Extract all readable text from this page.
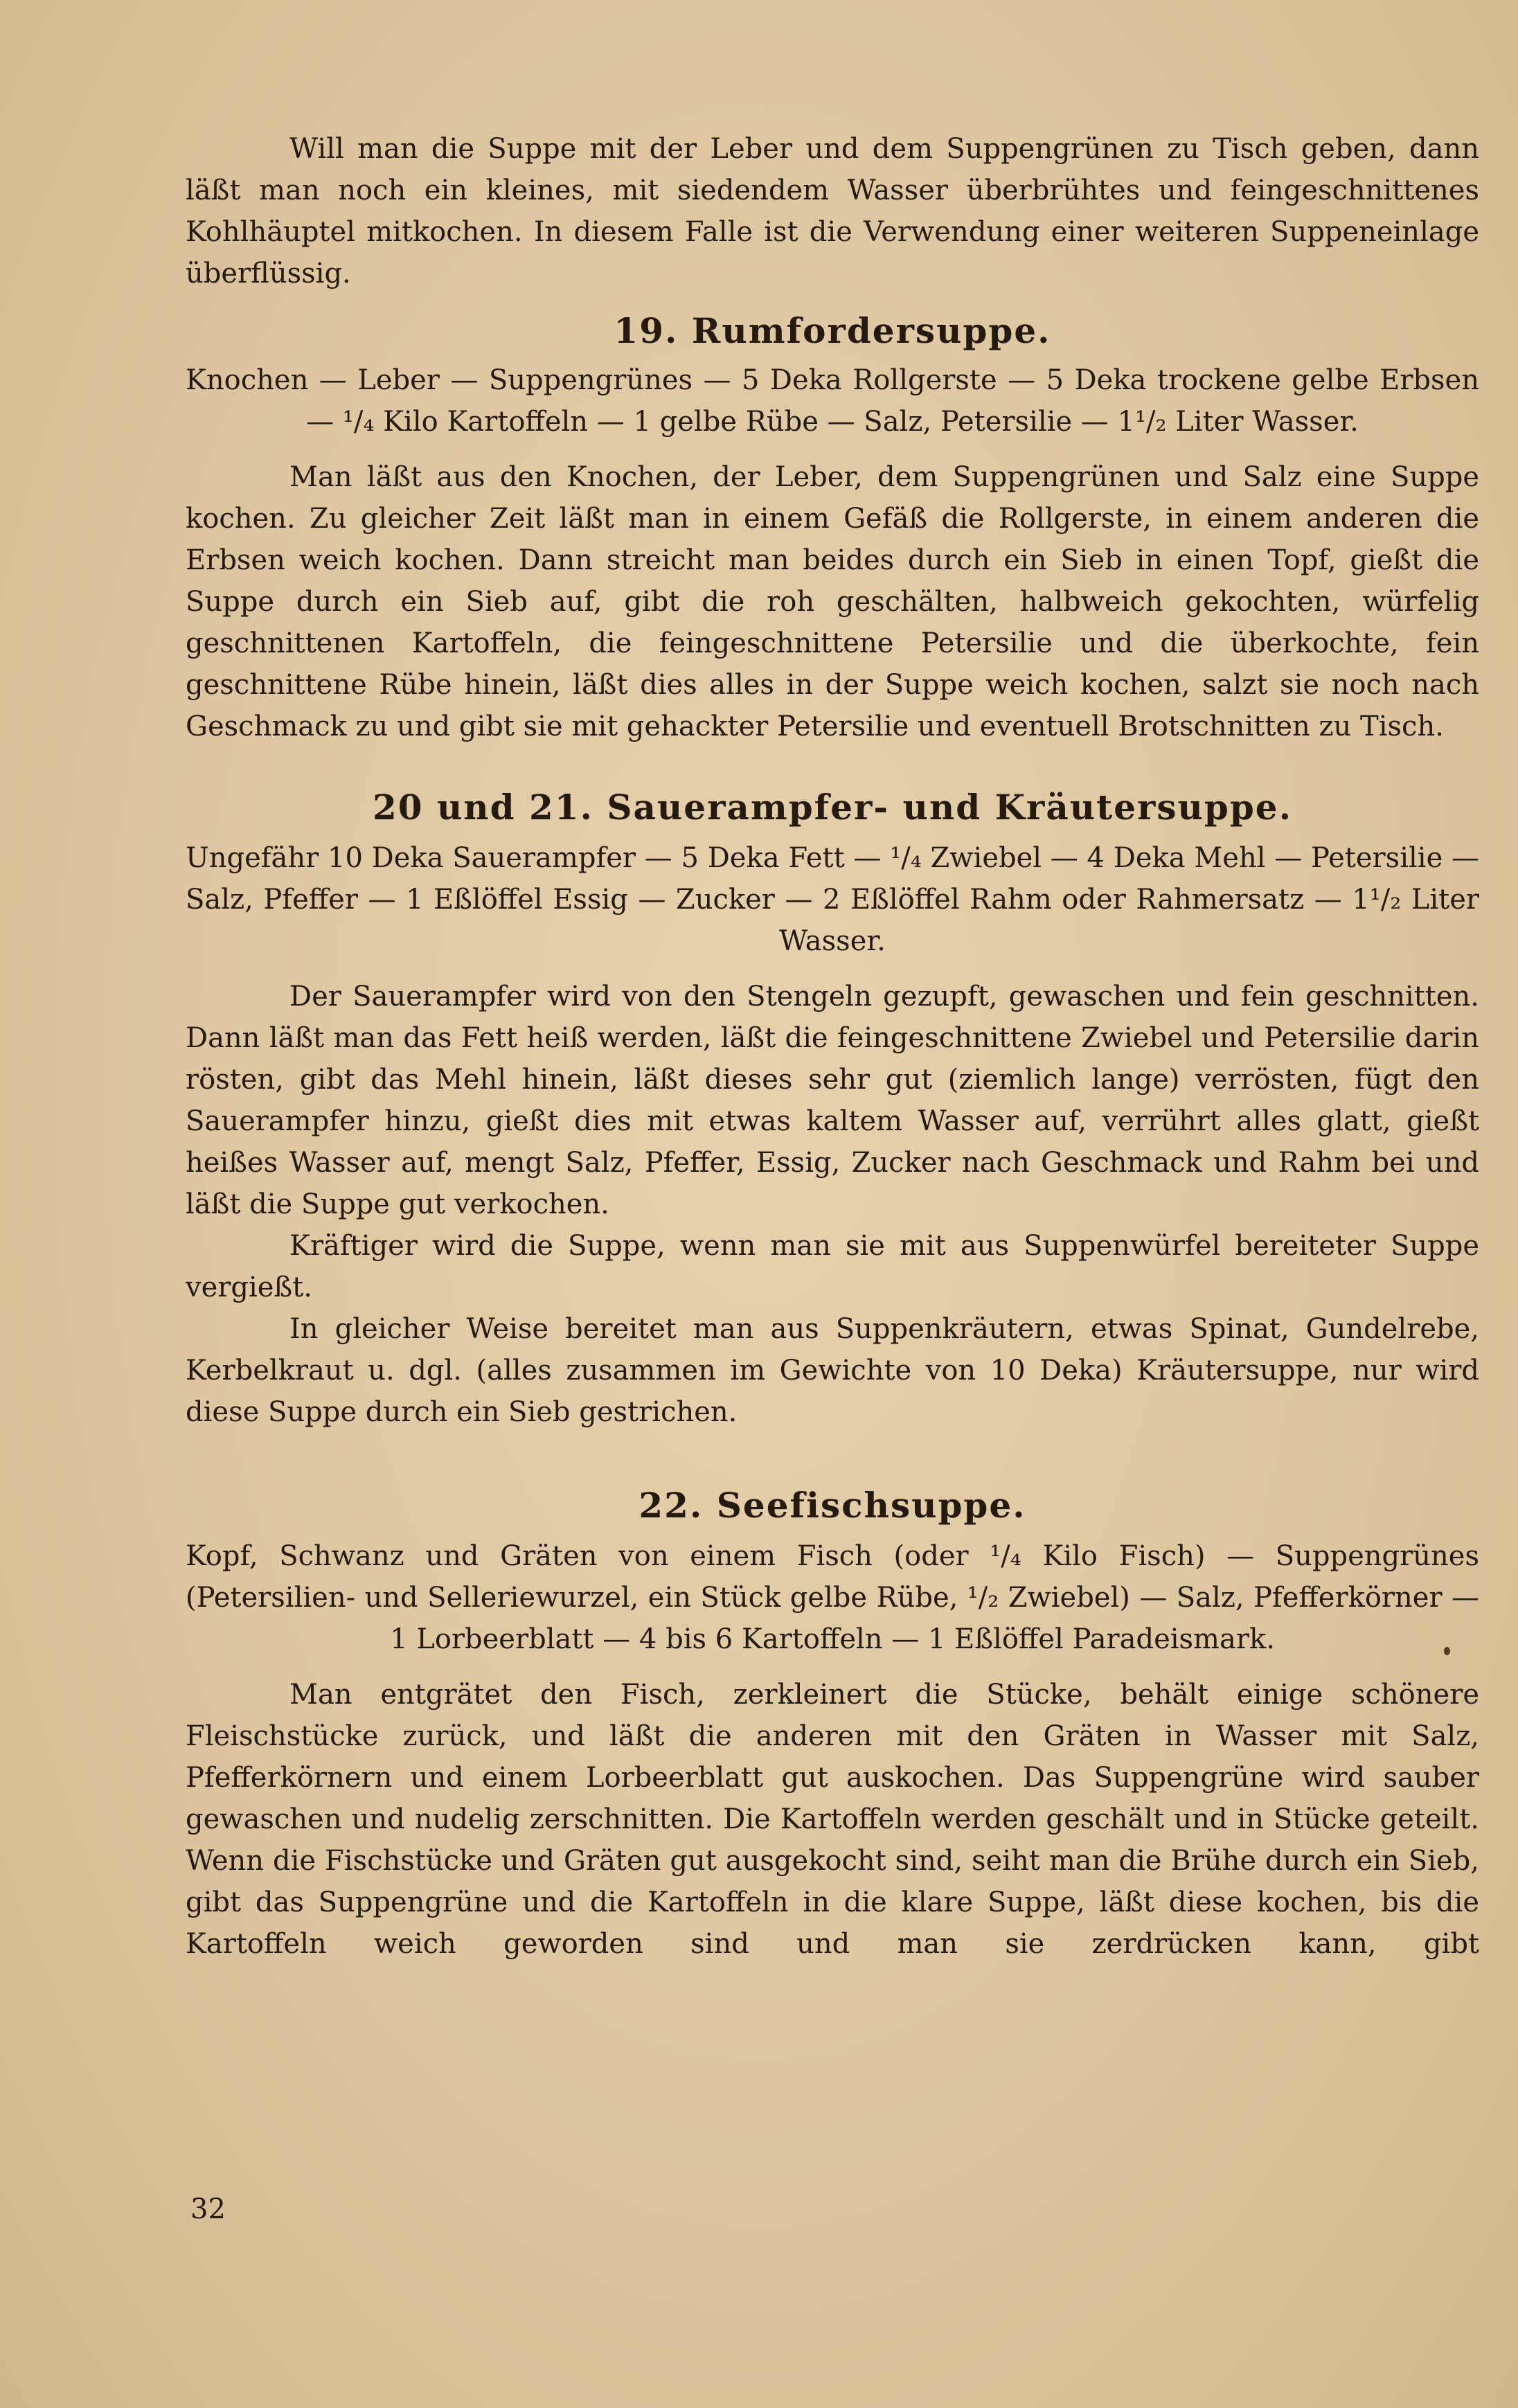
Will man die Suppe mit der Leber und dem Suppengrünen zu Tisch geben, dann läßt man noch ein kleines, mit siedendem Wasser überbrühtes und feingeschnittenes Kohlhäuptel mitkochen. In diesem Falle ist die Verwendung einer weiteren Suppeneinlage überflüssig.

19. Rumfordersuppe.

Knochen — Leber — Suppengrünes — 5 Deka Rollgerste — 5 Deka trockene gelbe Erbsen — ¹/₄ Kilo Kartoffeln — 1 gelbe Rübe — Salz, Petersilie — 1¹/₂ Liter Wasser.

Man läßt aus den Knochen, der Leber, dem Suppengrünen und Salz eine Suppe kochen. Zu gleicher Zeit läßt man in einem Gefäß die Rollgerste, in einem anderen die Erbsen weich kochen. Dann streicht man beides durch ein Sieb in einen Topf, gießt die Suppe durch ein Sieb auf, gibt die roh geschälten, halbweich gekochten, würfelig geschnittenen Kartoffeln, die feingeschnittene Petersilie und die überkochte, fein geschnittene Rübe hinein, läßt dies alles in der Suppe weich kochen, salzt sie noch nach Geschmack zu und gibt sie mit gehackter Petersilie und eventuell Brotschnitten zu Tisch.

20 und 21. Sauerampfer- und Kräutersuppe.

Ungefähr 10 Deka Sauerampfer — 5 Deka Fett — ¹/₄ Zwiebel — 4 Deka Mehl — Petersilie — Salz, Pfeffer — 1 Eßlöffel Essig — Zucker — 2 Eßlöffel Rahm oder Rahmersatz — 1¹/₂ Liter Wasser.

Der Sauerampfer wird von den Stengeln gezupft, gewaschen und fein geschnitten. Dann läßt man das Fett heiß werden, läßt die feingeschnittene Zwiebel und Petersilie darin rösten, gibt das Mehl hinein, läßt dieses sehr gut (ziemlich lange) verrösten, fügt den Sauerampfer hinzu, gießt dies mit etwas kaltem Wasser auf, verrührt alles glatt, gießt heißes Wasser auf, mengt Salz, Pfeffer, Essig, Zucker nach Geschmack und Rahm bei und läßt die Suppe gut verkochen.

Kräftiger wird die Suppe, wenn man sie mit aus Suppenwürfel bereiteter Suppe vergießt.

In gleicher Weise bereitet man aus Suppenkräutern, etwas Spinat, Gundelrebe, Kerbelkraut u. dgl. (alles zusammen im Gewichte von 10 Deka) Kräutersuppe, nur wird diese Suppe durch ein Sieb gestrichen.

22. Seefischsuppe.

Kopf, Schwanz und Gräten von einem Fisch (oder ¹/₄ Kilo Fisch) — Suppengrünes (Petersilien- und Selleriewurzel, ein Stück gelbe Rübe, ¹/₂ Zwiebel) — Salz, Pfefferkörner — 1 Lorbeerblatt — 4 bis 6 Kartoffeln — 1 Eßlöffel Paradeismark.

Man entgrätet den Fisch, zerkleinert die Stücke, behält einige schönere Fleischstücke zurück, und läßt die anderen mit den Gräten in Wasser mit Salz, Pfefferkörnern und einem Lorbeerblatt gut auskochen. Das Suppengrüne wird sauber gewaschen und nudelig zerschnitten. Die Kartoffeln werden geschält und in Stücke geteilt. Wenn die Fischstücke und Gräten gut ausgekocht sind, seiht man die Brühe durch ein Sieb, gibt das Suppengrüne und die Kartoffeln in die klare Suppe, läßt diese kochen, bis die Kartoffeln weich geworden sind und man sie zerdrücken kann, gibt

32
